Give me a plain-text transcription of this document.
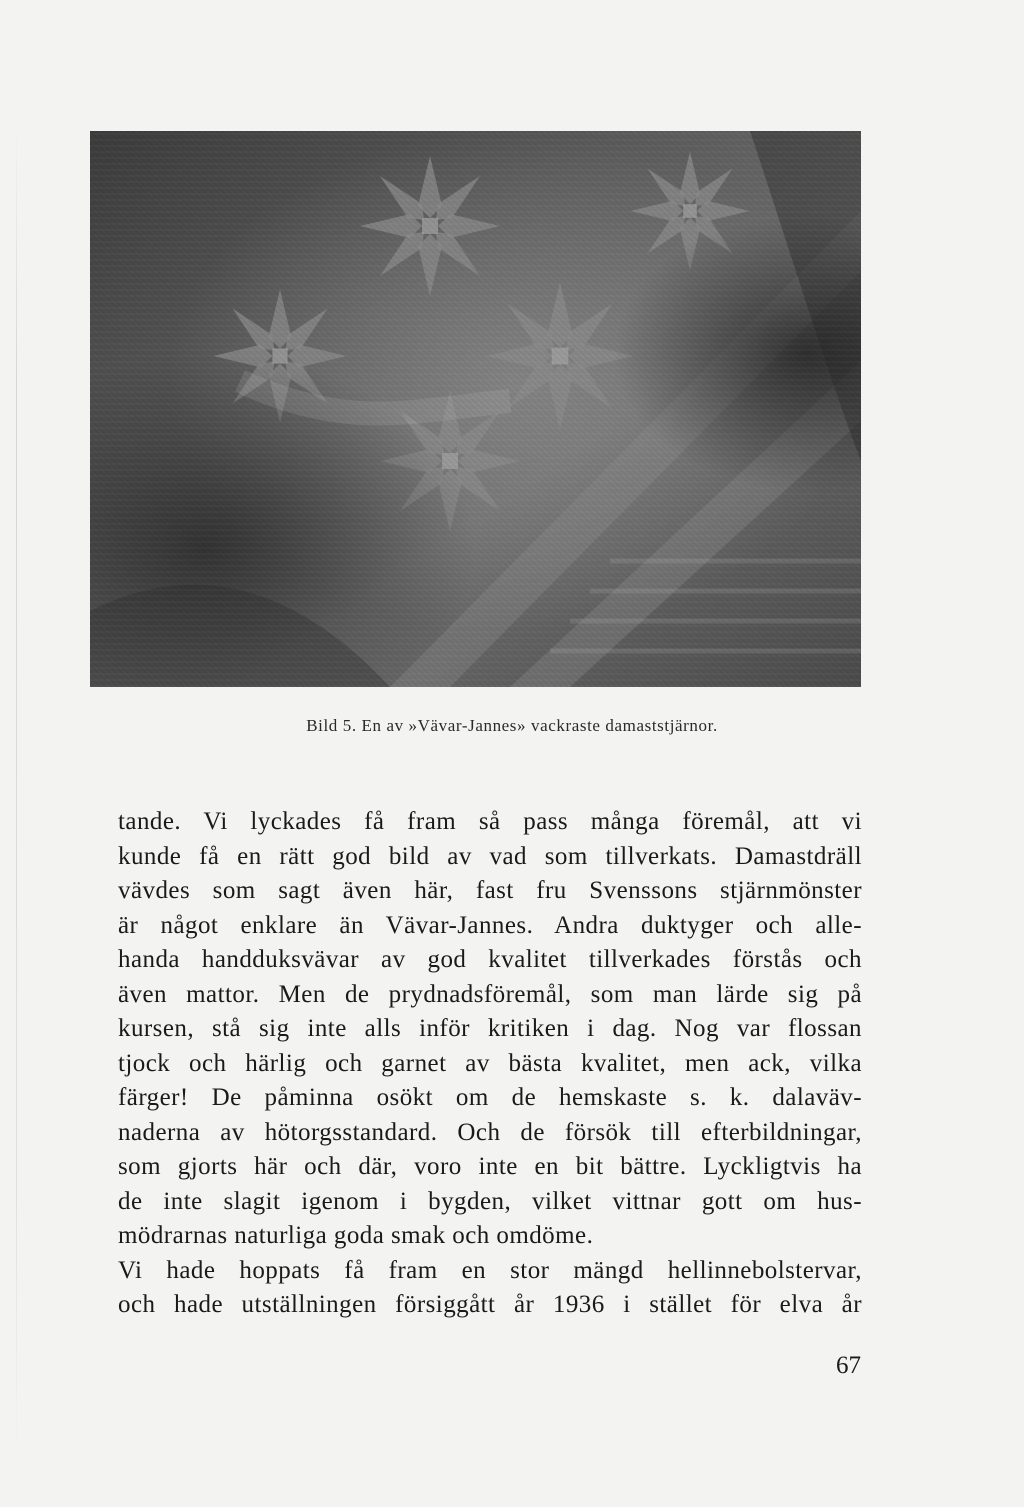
Bild 5. En av »Vävar-Jannes» vackraste damaststjärnor.
tande. Vi lyckades få fram så pass många föremål, att vi
kunde få en rätt god bild av vad som tillverkats. Damastdräll
vävdes som sagt även här, fast fru Svenssons stjärnmönster
är något enklare än Vävar-Jannes. Andra duktyger och alle-
handa handduksvävar av god kvalitet tillverkades förstås och
även mattor. Men de prydnadsföremål, som man lärde sig på
kursen, stå sig inte alls inför kritiken i dag. Nog var flossan
tjock och härlig och garnet av bästa kvalitet, men ack, vilka
färger! De påminna osökt om de hemskaste s. k. dalaväv-
naderna av hötorgsstandard. Och de försök till efterbildningar,
som gjorts här och där, voro inte en bit bättre. Lyckligtvis ha
de inte slagit igenom i bygden, vilket vittnar gott om hus-
mödrarnas naturliga goda smak och omdöme.
Vi hade hoppats få fram en stor mängd hellinnebolstervar,
och hade utställningen försiggått år 1936 i stället för elva år
67
